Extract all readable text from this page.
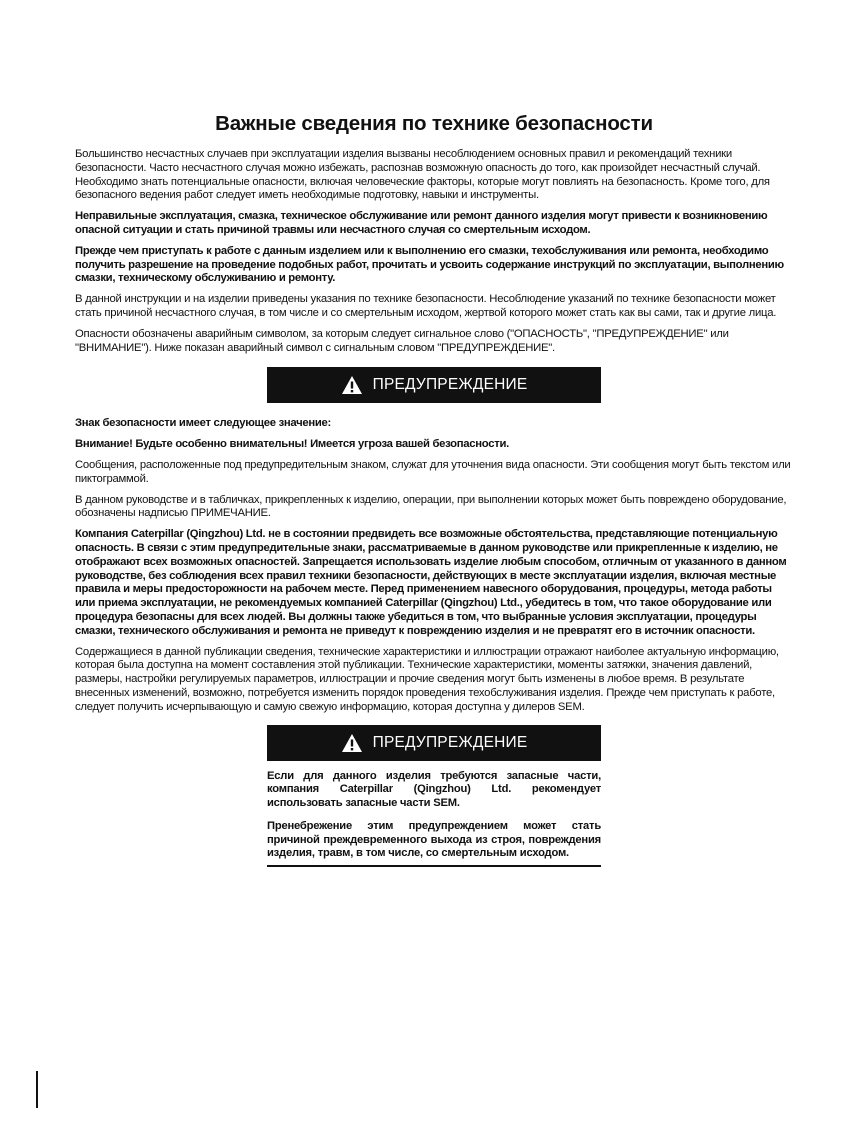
Важные сведения по технике безопасности

Большинство несчастных случаев при эксплуатации изделия вызваны несоблюдением основных правил и рекомендаций техники безопасности. Часто несчастного случая можно избежать, распознав возможную опасность до того, как произойдет несчастный случай. Необходимо знать потенциальные опасности, включая человеческие факторы, которые могут повлиять на безопасность. Кроме того, для безопасного ведения работ следует иметь необходимые подготовку, навыки и инструменты.

Неправильные эксплуатация, смазка, техническое обслуживание или ремонт данного изделия могут привести к возникновению опасной ситуации и стать причиной травмы или несчастного случая со смертельным исходом.

Прежде чем приступать к работе с данным изделием или к выполнению его смазки, техобслуживания или ремонта, необходимо получить разрешение на проведение подобных работ, прочитать и усвоить содержание инструкций по эксплуатации, выполнению смазки, техническому обслуживанию и ремонту.

В данной инструкции и на изделии приведены указания по технике безопасности. Несоблюдение указаний по технике безопасности может стать причиной несчастного случая, в том числе и со смертельным исходом, жертвой которого может стать как вы сами, так и другие лица.

Опасности обозначены аварийным символом, за которым следует сигнальное слово ("ОПАСНОСТЬ", "ПРЕДУПРЕЖДЕНИЕ" или "ВНИМАНИЕ"). Ниже показан аварийный символ с сигнальным словом "ПРЕДУПРЕЖДЕНИЕ".

ПРЕДУПРЕЖДЕНИЕ

Знак безопасности имеет следующее значение:

Внимание! Будьте особенно внимательны! Имеется угроза вашей безопасности.

Сообщения, расположенные под предупредительным знаком, служат для уточнения вида опасности. Эти сообщения могут быть текстом или пиктограммой.

В данном руководстве и в табличках, прикрепленных к изделию, операции, при выполнении которых может быть повреждено оборудование, обозначены надписью ПРИМЕЧАНИЕ.

Компания Caterpillar (Qingzhou) Ltd. не в состоянии предвидеть все возможные обстоятельства, представляющие потенциальную опасность. В связи с этим предупредительные знаки, рассматриваемые в данном руководстве или прикрепленные к изделию, не отображают всех возможных опасностей. Запрещается использовать изделие любым способом, отличным от указанного в данном руководстве, без соблюдения всех правил техники безопасности, действующих в месте эксплуатации изделия, включая местные правила и меры предосторожности на рабочем месте. Перед применением навесного оборудования, процедуры, метода работы или приема эксплуатации, не рекомендуемых компанией Caterpillar (Qingzhou) Ltd., убедитесь в том, что такое оборудование или процедура безопасны для всех людей. Вы должны также убедиться в том, что выбранные условия эксплуатации, процедуры смазки, технического обслуживания и ремонта не приведут к повреждению изделия и не превратят его в источник опасности.

Содержащиеся в данной публикации сведения, технические характеристики и иллюстрации отражают наиболее актуальную информацию, которая была доступна на момент составления этой публикации. Технические характеристики, моменты затяжки, значения давлений, размеры, настройки регулируемых параметров, иллюстрации и прочие сведения могут быть изменены в любое время. В результате внесенных изменений, возможно, потребуется изменить порядок проведения техобслуживания изделия. Прежде чем приступать к работе, следует получить исчерпывающую и самую свежую информацию, которая доступна у дилеров SEM.

ПРЕДУПРЕЖДЕНИЕ

Если для данного изделия требуются запасные части, компания Caterpillar (Qingzhou) Ltd. рекомендует использовать запасные части SEM.

Пренебрежение этим предупреждением может стать причиной преждевременного выхода из строя, повреждения изделия, травм, в том числе, со смертельным исходом.
